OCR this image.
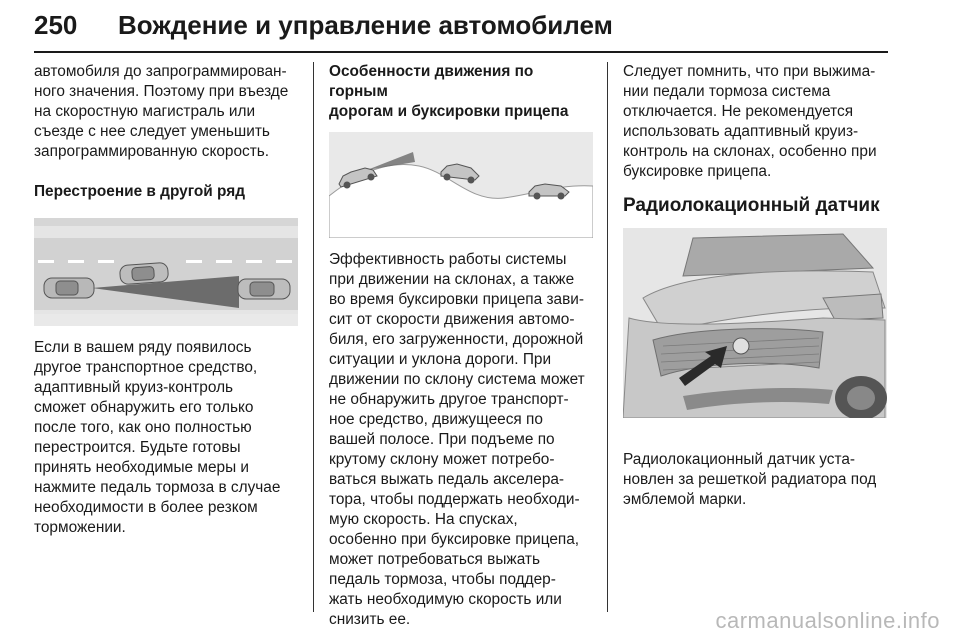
250 Вождение и управление автомобилем

автомобиля до запрограммирован-
ного значения. Поэтому при въезде
на скоростную магистраль или
съезде с нее следует уменьшить
запрограммированную скорость.

Перестроение в другой ряд

Если в вашем ряду появилось
другое транспортное средство,
адаптивный круиз-контроль
сможет обнаружить его только
после того, как оно полностью
перестроится. Будьте готовы
принять необходимые меры и
нажмите педаль тормоза в случае
необходимости в более резком
торможении.

Особенности движения по горным
дорогам и буксировки прицепа

Эффективность работы системы
при движении на склонах, а также
во время буксировки прицепа зави-
сит от скорости движения автомо-
биля, его загруженности, дорожной
ситуации и уклона дороги. При
движении по склону система может
не обнаружить другое транспорт-
ное средство, движущееся по
вашей полосе. При подъеме по
крутому склону может потребо-
ваться выжать педаль акселера-
тора, чтобы поддержать необходи-
мую скорость. На спусках,
особенно при буксировке прицепа,
может потребоваться выжать
педаль тормоза, чтобы поддер-
жать необходимую скорость или
снизить ее.

Следует помнить, что при выжима-
нии педали тормоза система
отключается. Не рекомендуется
использовать адаптивный круиз-
контроль на склонах, особенно при
буксировке прицепа.

Радиолокационный датчик

Радиолокационный датчик уста-
новлен за решеткой радиатора под
эмблемой марки.

carmanualsonline.info
